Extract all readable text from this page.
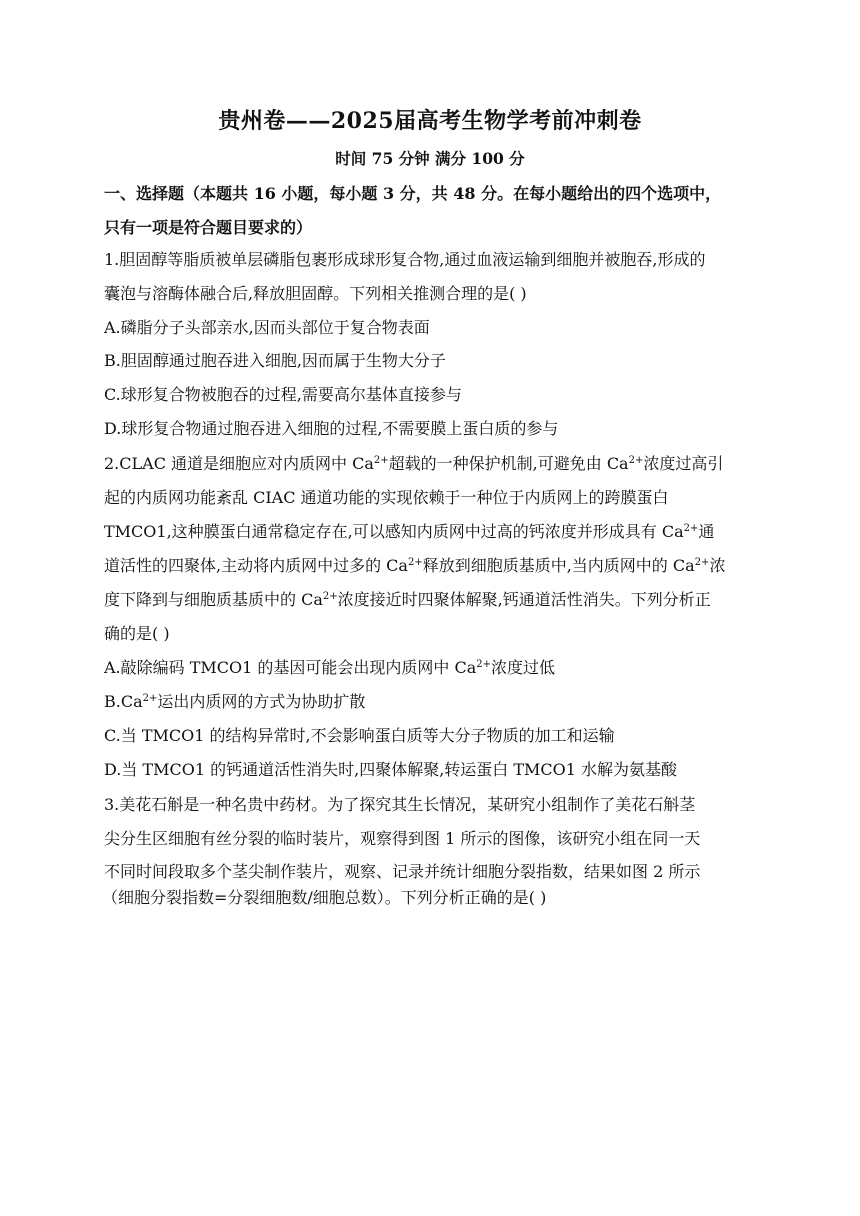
贵州卷——2025届高考生物学考前冲刺卷
时间 75 分钟 满分 100 分
一、选择题（本题共 16 小题，每小题 3 分，共 48 分。在每小题给出的四个选项中，
只有一项是符合题目要求的）
1.胆固醇等脂质被单层磷脂包裹形成球形复合物,通过血液运输到细胞并被胞吞,形成的
囊泡与溶酶体融合后,释放胆固醇。下列相关推测合理的是( )
A.磷脂分子头部亲水,因而头部位于复合物表面
B.胆固醇通过胞吞进入细胞,因而属于生物大分子
C.球形复合物被胞吞的过程,需要高尔基体直接参与
D.球形复合物通过胞吞进入细胞的过程,不需要膜上蛋白质的参与
2.CLAC 通道是细胞应对内质网中 $Ca^{2+}$超载的一种保护机制,可避免由 $Ca^{2+}$浓度过高引
起的内质网功能紊乱 CIAC 通道功能的实现依赖于一种位于内质网上的跨膜蛋白
TMCO1,这种膜蛋白通常稳定存在,可以感知内质网中过高的钙浓度并形成具有 $Ca^{2+}$通
道活性的四聚体,主动将内质网中过多的 $Ca^{2+}$释放到细胞质基质中,当内质网中的 $Ca^{2+}$浓
度下降到与细胞质基质中的 $Ca^{2+}$浓度接近时四聚体解聚,钙通道活性消失。下列分析正
确的是( )
A.敲除编码 TMCO1 的基因可能会出现内质网中 $Ca^{2+}$浓度过低
$B.Ca^{2+}$运出内质网的方式为协助扩散
C.当 TMCO1 的结构异常时,不会影响蛋白质等大分子物质的加工和运输
D.当 TMCO1 的钙通道活性消失时,四聚体解聚,转运蛋白 TMCO1 水解为氨基酸
3.美花石斛是一种名贵中药材。为了探究其生长情况，某研究小组制作了美花石斛茎
尖分生区细胞有丝分裂的临时装片，观察得到图 1 所示的图像，该研究小组在同一天
不同时间段取多个茎尖制作装片，观察、记录并统计细胞分裂指数，结果如图 2 所示
（细胞分裂指数=分裂细胞数/细胞总数）。下列分析正确的是( )
